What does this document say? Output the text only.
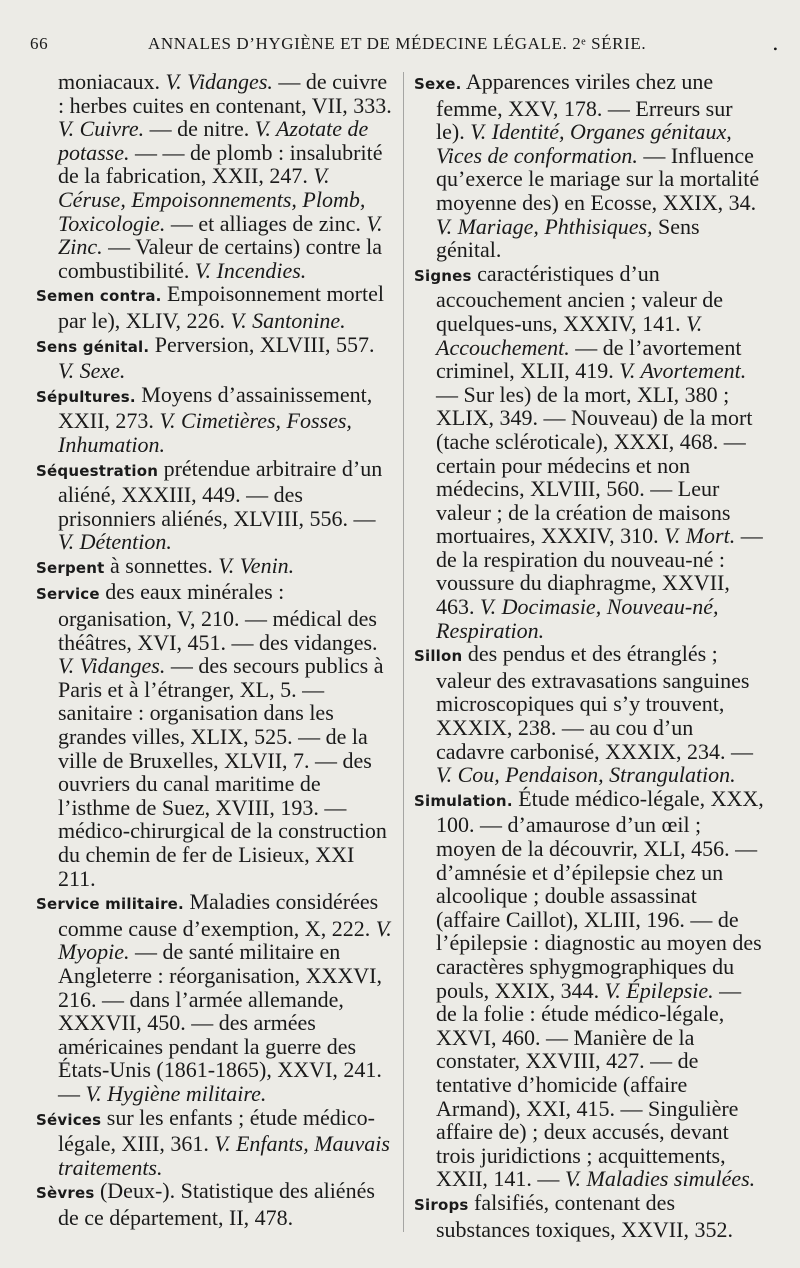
66	ANNALES D’HYGIÈNE ET DE MÉDECINE LÉGALE. 2ᵉ SÉRIE.	•

moniacaux. V. Vidanges. — de cuivre : herbes cuites en contenant, VII, 333. V. Cuivre. — de nitre. V. Azotate de potasse. — — de plomb : insalubrité de la fabrication, XXII, 247. V. Céruse, Empoisonnements, Plomb, Toxicologie. — et alliages de zinc. V. Zinc. — Valeur de certains) contre la combustibilité. V. Incendies.

Semen contra. Empoisonnement mortel par le), XLIV, 226. V. Santonine.

Sens génital. Perversion, XLVIII, 557. V. Sexe.

Sépultures. Moyens d’assainissement, XXII, 273. V. Cimetières, Fosses, Inhumation.

Séquestration prétendue arbitraire d’un aliéné, XXXIII, 449. — des prisonniers aliénés, XLVIII, 556. — V. Détention.

Serpent à sonnettes. V. Venin.

Service des eaux minérales : organisation, V, 210. — médical des théâtres, XVI, 451. — des vidanges. V. Vidanges. — des secours publics à Paris et à l’étranger, XL, 5. — sanitaire : organisation dans les grandes villes, XLIX, 525. — de la ville de Bruxelles, XLVII, 7. — des ouvriers du canal maritime de l’isthme de Suez, XVIII, 193. — médico-chirurgical de la construction du chemin de fer de Lisieux, XXI 211.

Service militaire. Maladies considérées comme cause d’exemption, X, 222. V. Myopie. — de santé militaire en Angleterre : réorganisation, XXXVI, 216. — dans l’armée allemande, XXXVII, 450. — des armées américaines pendant la guerre des États-Unis (1861-1865), XXVI, 241. — V. Hygiène militaire.

Sévices sur les enfants ; étude médico-légale, XIII, 361. V. Enfants, Mauvais traitements.

Sèvres (Deux-). Statistique des aliénés de ce département, II, 478.

Sexe. Apparences viriles chez une femme, XXV, 178. — Erreurs sur le). V. Identité, Organes génitaux, Vices de conformation. — Influence qu’exerce le mariage sur la mortalité moyenne des) en Ecosse, XXIX, 34. V. Mariage, Phthisiques, Sens génital.

Signes caractéristiques d’un accouchement ancien ; valeur de quelques-uns, XXXIV, 141. V. Accouchement. — de l’avortement criminel, XLII, 419. V. Avortement. — Sur les) de la mort, XLI, 380 ; XLIX, 349. — Nouveau) de la mort (tache scléroticale), XXXI, 468. — certain pour médecins et non médecins, XLVIII, 560. — Leur valeur ; de la création de maisons mortuaires, XXXIV, 310. V. Mort. — de la respiration du nouveau-né : voussure du diaphragme, XXVII, 463. V. Docimasie, Nouveau-né, Respiration.

Sillon des pendus et des étranglés ; valeur des extravasations sanguines microscopiques qui s’y trouvent, XXXIX, 238. — au cou d’un cadavre carbonisé, XXXIX, 234. — V. Cou, Pendaison, Strangulation.

Simulation. Étude médico-légale, XXX, 100. — d’amaurose d’un œil ; moyen de la découvrir, XLI, 456. — d’amnésie et d’épilepsie chez un alcoolique ; double assassinat (affaire Caillot), XLIII, 196. — de l’épilepsie : diagnostic au moyen des caractères sphygmographiques du pouls, XXIX, 344. V. Épilepsie. — de la folie : étude médico-légale, XXVI, 460. — Manière de la constater, XXVIII, 427. — de tentative d’homicide (affaire Armand), XXI, 415. — Singulière affaire de) ; deux accusés, devant trois juridictions ; acquittements, XXII, 141. — V. Maladies simulées.

Sirops falsifiés, contenant des substances toxiques, XXVII, 352.
